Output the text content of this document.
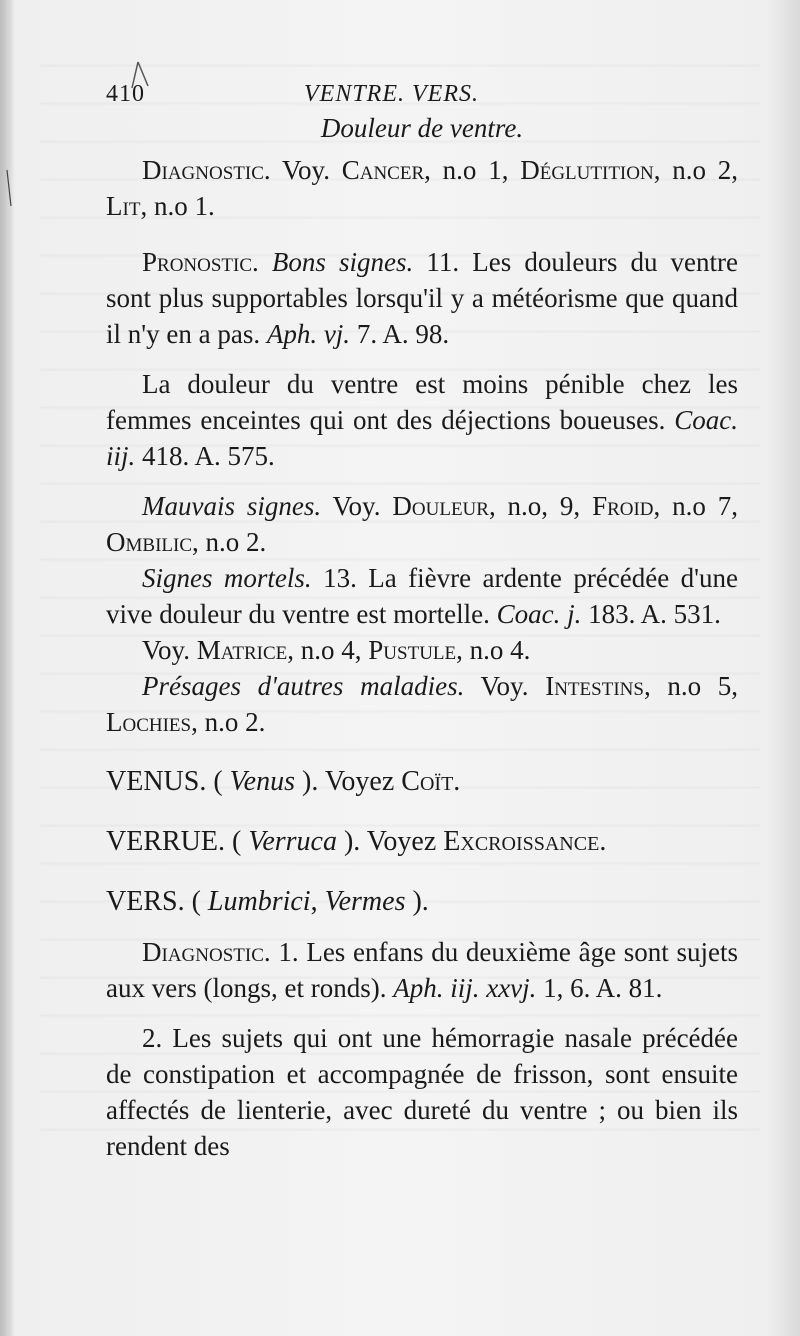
410	VENTRE. VERS.
Douleur de ventre.

Diagnostic. Voy. Cancer, n.o 1, Déglutition, n.o 2, Lit, n.o 1.

Pronostic. Bons signes. 11. Les douleurs du ventre sont plus supportables lorsqu'il y a météorisme que quand il n'y en a pas. Aph. vj. 7. A. 98.

La douleur du ventre est moins pénible chez les femmes enceintes qui ont des déjections boueuses. Coac. iij. 418. A. 575.

Mauvais signes. Voy. Douleur, n.o, 9, Froid, n.o 7, Ombilic, n.o 2.

Signes mortels. 13. La fièvre ardente précédée d'une vive douleur du ventre est mortelle. Coac. j. 183. A. 531.

Voy. Matrice, n.o 4, Pustule, n.o 4.

Présages d'autres maladies. Voy. Intestins, n.o 5, Lochies, n.o 2.

VENUS. ( Venus ). Voyez Coït.

VERRUE. ( Verruca ). Voyez Excroissance.

VERS. ( Lumbrici, Vermes ).

Diagnostic. 1. Les enfans du deuxième âge sont sujets aux vers (longs, et ronds). Aph. iij. xxvj. 1, 6. A. 81.

2. Les sujets qui ont une hémorragie nasale précédée de constipation et accompagnée de frisson, sont ensuite affectés de lienterie, avec dureté du ventre ; ou bien ils rendent des
